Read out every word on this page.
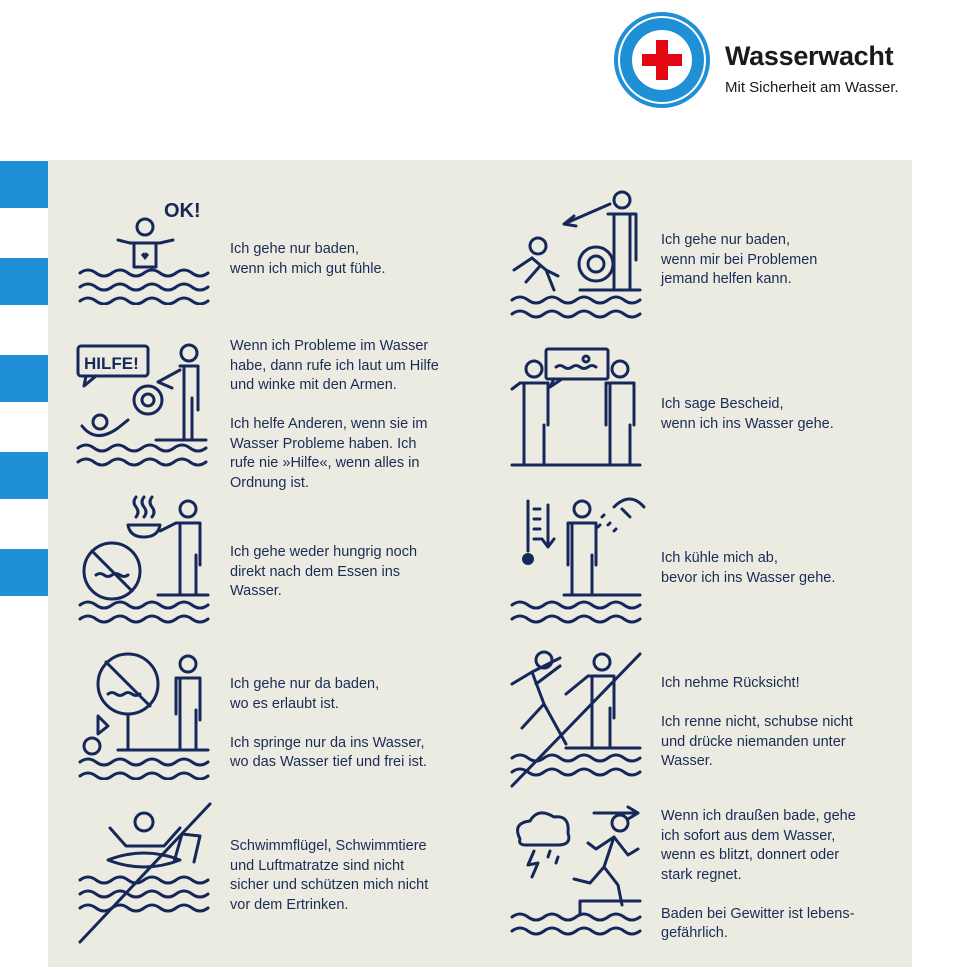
Wasserwacht
Mit Sicherheit am Wasser.
OK!
Ich gehe nur baden,
wenn ich mich gut fühle.
HILFE!
Wenn ich Probleme im Wasser
habe, dann rufe ich laut um Hilfe
und winke mit den Armen.

Ich helfe Anderen, wenn sie im
Wasser Probleme haben. Ich
rufe nie »Hilfe«, wenn alles in
Ordnung ist.
Ich gehe weder hungrig noch
direkt nach dem Essen ins
Wasser.
Ich gehe nur da baden,
wo es erlaubt ist.

Ich springe nur da ins Wasser,
wo das Wasser tief und frei ist.
Schwimmflügel, Schwimmtiere
und Luftmatratze sind nicht
sicher und schützen mich nicht
vor dem Ertrinken.
Ich gehe nur baden,
wenn mir bei Problemen
jemand helfen kann.
Ich sage Bescheid,
wenn ich ins Wasser gehe.
Ich kühle mich ab,
bevor ich ins Wasser gehe.
Ich nehme Rücksicht!

Ich renne nicht, schubse nicht
und drücke niemanden unter
Wasser.
Wenn ich draußen bade, gehe
ich sofort aus dem Wasser,
wenn es blitzt, donnert oder
stark regnet.

Baden bei Gewitter ist lebens-
gefährlich.
